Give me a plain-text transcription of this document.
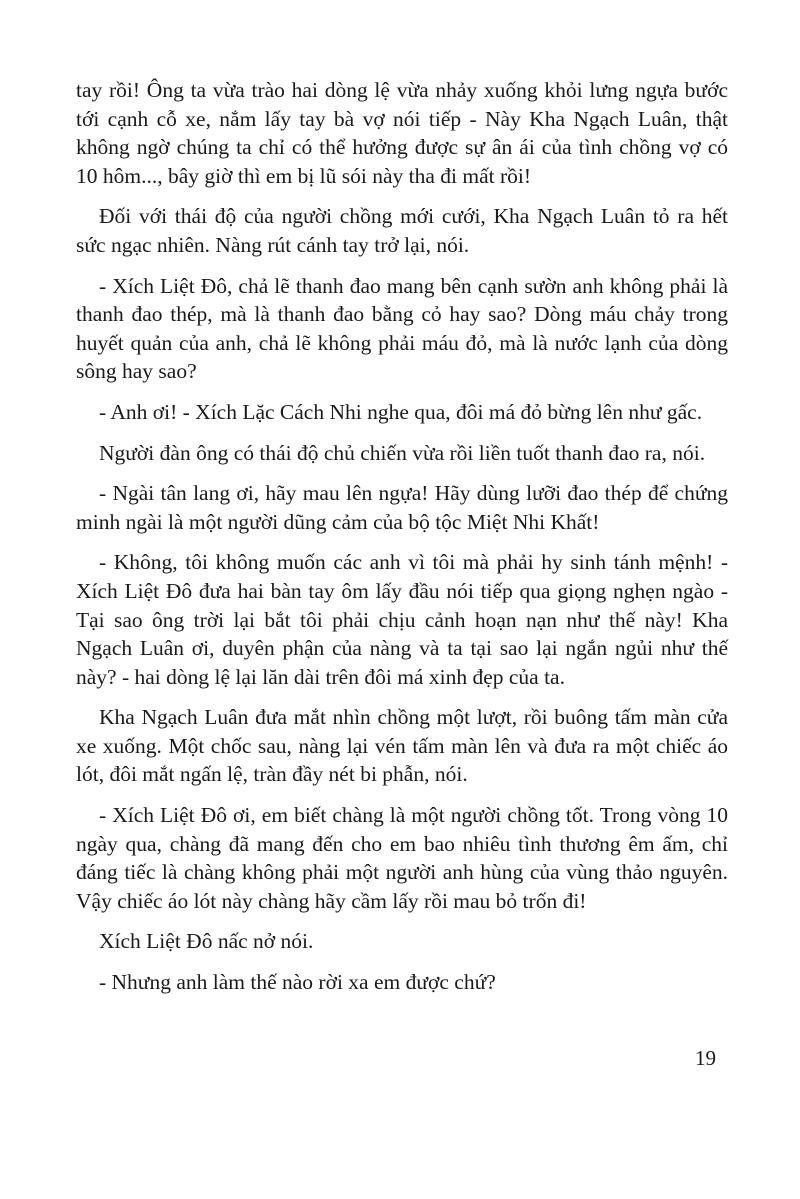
tay rồi! Ông ta vừa trào hai dòng lệ vừa nhảy xuống khỏi lưng ngựa bước tới cạnh cỗ xe, nắm lấy tay bà vợ nói tiếp - Này Kha Ngạch Luân, thật không ngờ chúng ta chỉ có thể hưởng được sự ân ái của tình chồng vợ có 10 hôm..., bây giờ thì em bị lũ sói này tha đi mất rồi!

Đối với thái độ của người chồng mới cưới, Kha Ngạch Luân tỏ ra hết sức ngạc nhiên. Nàng rút cánh tay trở lại, nói.

- Xích Liệt Đô, chả lẽ thanh đao mang bên cạnh sườn anh không phải là thanh đao thép, mà là thanh đao bằng cỏ hay sao? Dòng máu chảy trong huyết quản của anh, chả lẽ không phải máu đỏ, mà là nước lạnh của dòng sông hay sao?

- Anh ơi! - Xích Lặc Cách Nhi nghe qua, đôi má đỏ bừng lên như gấc.

Người đàn ông có thái độ chủ chiến vừa rồi liền tuốt thanh đao ra, nói.

- Ngài tân lang ơi, hãy mau lên ngựa! Hãy dùng lưỡi đao thép để chứng minh ngài là một người dũng cảm của bộ tộc Miệt Nhi Khất!

- Không, tôi không muốn các anh vì tôi mà phải hy sinh tánh mệnh! - Xích Liệt Đô đưa hai bàn tay ôm lấy đầu nói tiếp qua giọng nghẹn ngào - Tại sao ông trời lại bắt tôi phải chịu cảnh hoạn nạn như thế này! Kha Ngạch Luân ơi, duyên phận của nàng và ta tại sao lại ngắn ngủi như thế này? - hai dòng lệ lại lăn dài trên đôi má xinh đẹp của ta.

Kha Ngạch Luân đưa mắt nhìn chồng một lượt, rồi buông tấm màn cửa xe xuống. Một chốc sau, nàng lại vén tấm màn lên và đưa ra một chiếc áo lót, đôi mắt ngấn lệ, tràn đầy nét bi phẫn, nói.

- Xích Liệt Đô ơi, em biết chàng là một người chồng tốt. Trong vòng 10 ngày qua, chàng đã mang đến cho em bao nhiêu tình thương êm ấm, chỉ đáng tiếc là chàng không phải một người anh hùng của vùng thảo nguyên. Vậy chiếc áo lót này chàng hãy cầm lấy rồi mau bỏ trốn đi!

Xích Liệt Đô nấc nở nói.

- Nhưng anh làm thế nào rời xa em được chứ?

19
